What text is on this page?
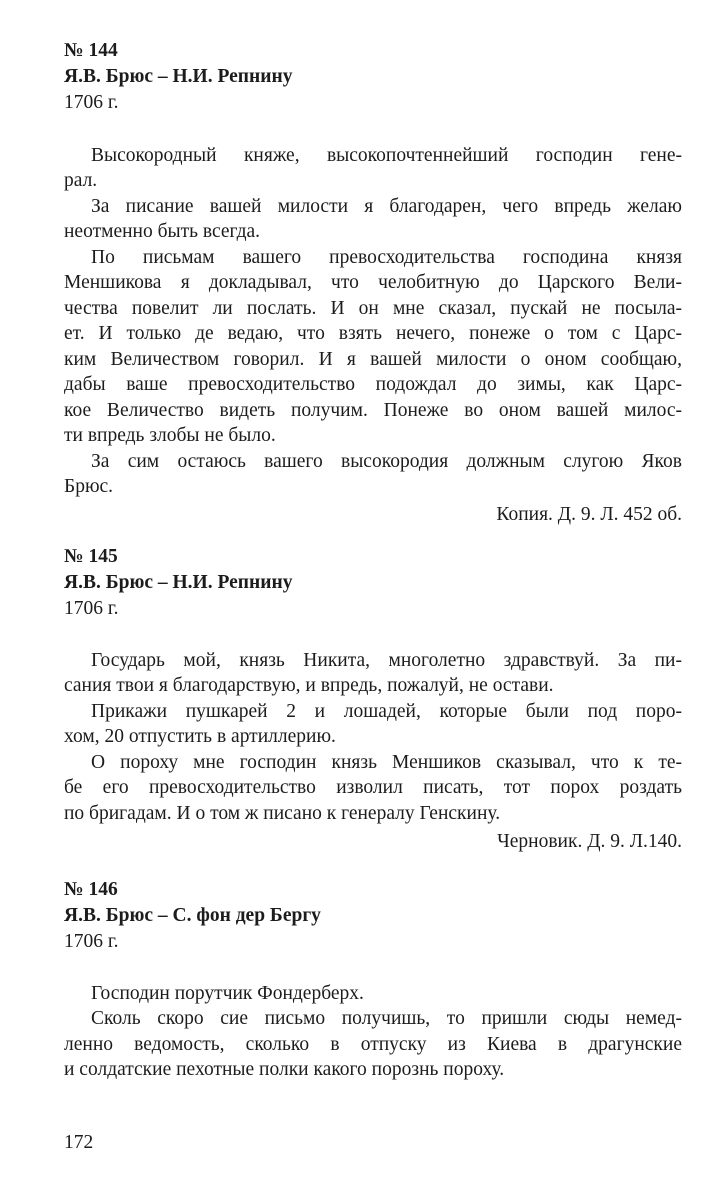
№ 144
Я.В. Брюс – Н.И. Репнину
1706 г.
Высокородный княже, высокопочтеннейший господин гене-
рал.
За писание вашей милости я благодарен, чего впредь желаю
неотменно быть всегда.
По письмам вашего превосходительства господина князя
Меншикова я докладывал, что челобитную до Царского Вели-
чества повелит ли послать. И он мне сказал, пускай не посыла-
ет. И только де ведаю, что взять нечего, понеже о том с Царс-
ким Величеством говорил. И я вашей милости о оном сообщаю,
дабы ваше превосходительство подождал до зимы, как Царс-
кое Величество видеть получим. Понеже во оном вашей милос-
ти впредь злобы не было.
За сим остаюсь вашего высокородия должным слугою Яков
Брюс.
Копия. Д. 9. Л. 452 об.
№ 145
Я.В. Брюс – Н.И. Репнину
1706 г.
Государь мой, князь Никита, многолетно здравствуй. За пи-
сания твои я благодарствую, и впредь, пожалуй, не остави.
Прикажи пушкарей 2 и лошадей, которые были под поро-
хом, 20 отпустить в артиллерию.
О пороху мне господин князь Меншиков сказывал, что к те-
бе его превосходительство изволил писать, тот порох роздать
по бригадам. И о том ж писано к генералу Генскину.
Черновик. Д. 9. Л.140.
№ 146
Я.В. Брюс – С. фон дер Бергу
1706 г.
Господин порутчик Фондерберх.
Сколь скоро сие письмо получишь, то пришли сюды немед-
ленно ведомость, сколько в отпуску из Киева в драгунские
и солдатские пехотные полки какого порознь пороху.
172
